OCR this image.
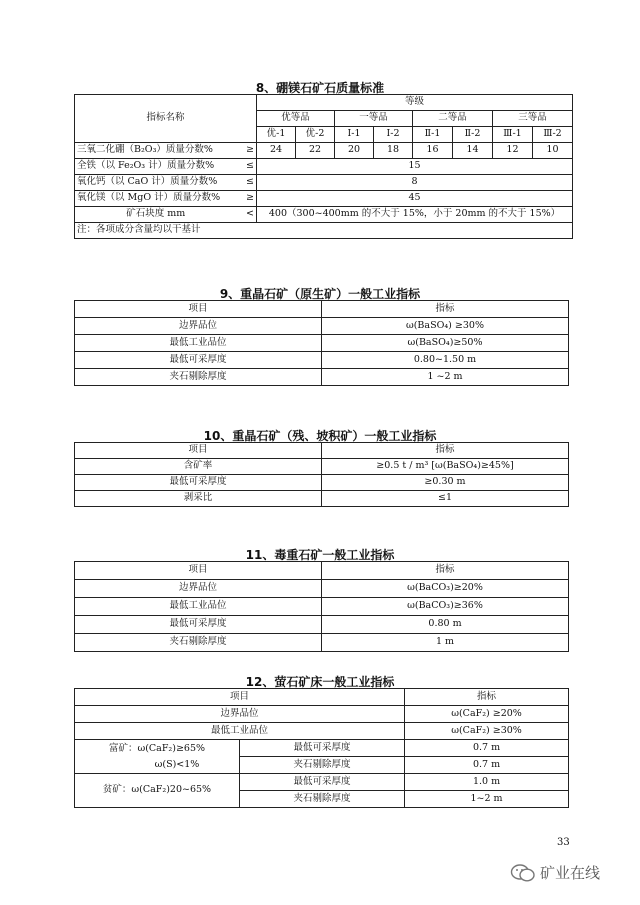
8、硼镁石矿石质量标准
指标名称		等级							
		优等品		一等品		二等品		三等品	
		优-1	优-2	Ⅰ-1	Ⅰ-2	Ⅱ-1	Ⅱ-2	Ⅲ-1	Ⅲ-2
三氧二化硼（B₂O₃）质量分数%	≥	24	22	20	18	16	14	12	10
全铁（以 Fe₂O₃ 计）质量分数%	≤	15							
氧化钙（以 CaO 计）质量分数%	≤	8							
氧化镁（以 MgO 计）质量分数%	≥	45							
矿石块度 mm	<	400（300~400mm 的不大于 15%，小于 20mm 的不大于 15%）							
注：各项成分含量均以干基计									
9、重晶石矿（原生矿）一般工业指标
项目	指标
边界品位	ω(BaSO₄) ≥30%
最低工业品位	ω(BaSO₄)≥50%
最低可采厚度	0.80~1.50 m
夹石剔除厚度	1 ~2 m
10、重晶石矿（残、坡积矿）一般工业指标
项目	指标
含矿率	≥0.5 t / m³ [ω(BaSO₄)≥45%]
最低可采厚度	≥0.30 m
剥采比	≤1
11、毒重石矿一般工业指标
项目	指标
边界品位	ω(BaCO₃)≥20%
最低工业品位	ω(BaCO₃)≥36%
最低可采厚度	0.80 m
夹石剔除厚度	1 m
12、萤石矿床一般工业指标
项目		指标
边界品位		ω(CaF₂) ≥20%
最低工业品位		ω(CaF₂) ≥30%

富矿：ω(CaF₂)≥65%
ω(S)<1%	最低可采厚度	0.7 m
	夹石剔除厚度	0.7 m
贫矿：ω(CaF₂)20~65%	最低可采厚度	1.0 m
	夹石剔除厚度	1~2 m
33
矿业在线
